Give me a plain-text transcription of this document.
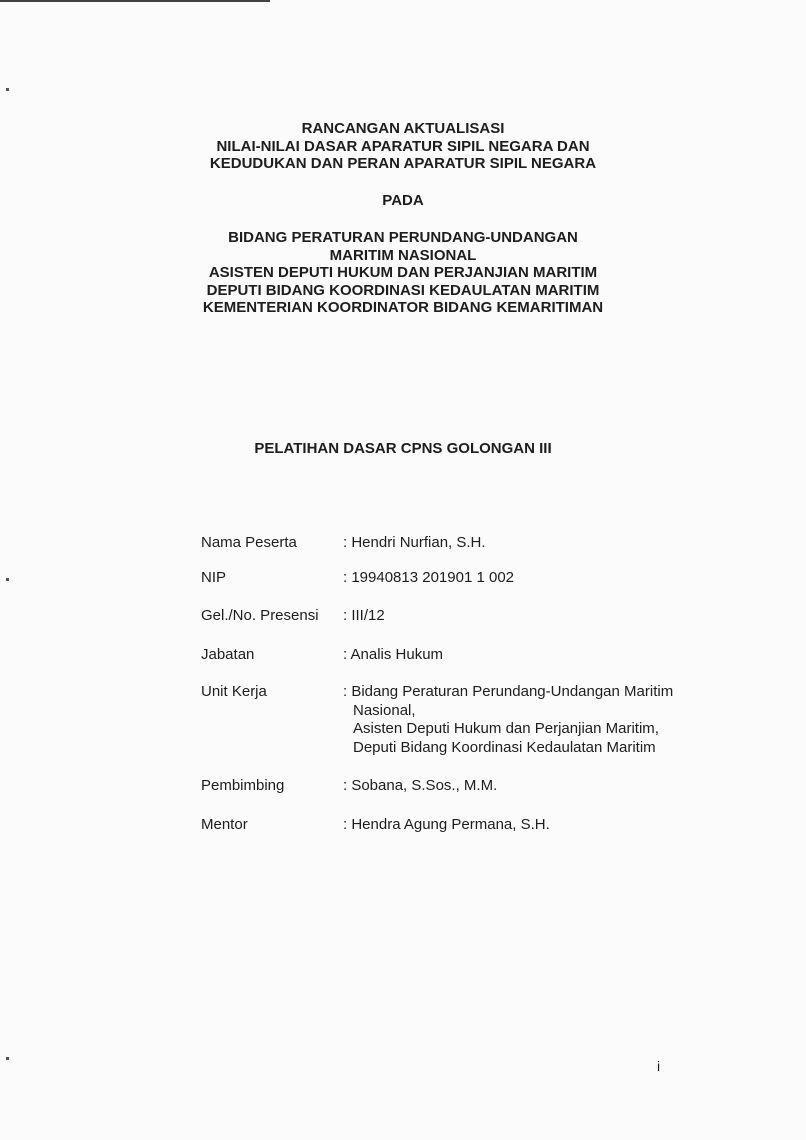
RANCANGAN AKTUALISASI
NILAI-NILAI DASAR APARATUR SIPIL NEGARA DAN
KEDUDUKAN DAN PERAN APARATUR SIPIL NEGARA
PADA
BIDANG PERATURAN PERUNDANG-UNDANGAN
MARITIM NASIONAL
ASISTEN DEPUTI HUKUM DAN PERJANJIAN MARITIM
DEPUTI BIDANG KOORDINASI KEDAULATAN MARITIM
KEMENTERIAN KOORDINATOR BIDANG KEMARITIMAN
PELATIHAN DASAR CPNS GOLONGAN III
Nama Peserta	: Hendri Nurfian, S.H.
NIP	: 19940813 201901 1 002
Gel./No. Presensi	: III/12
Jabatan	: Analis Hukum
Unit Kerja	: Bidang Peraturan Perundang-Undangan Maritim
Nasional,
Asisten Deputi Hukum dan Perjanjian Maritim,
Deputi Bidang Koordinasi Kedaulatan Maritim
Pembimbing	: Sobana, S.Sos., M.M.
Mentor	: Hendra Agung Permana, S.H.
i
